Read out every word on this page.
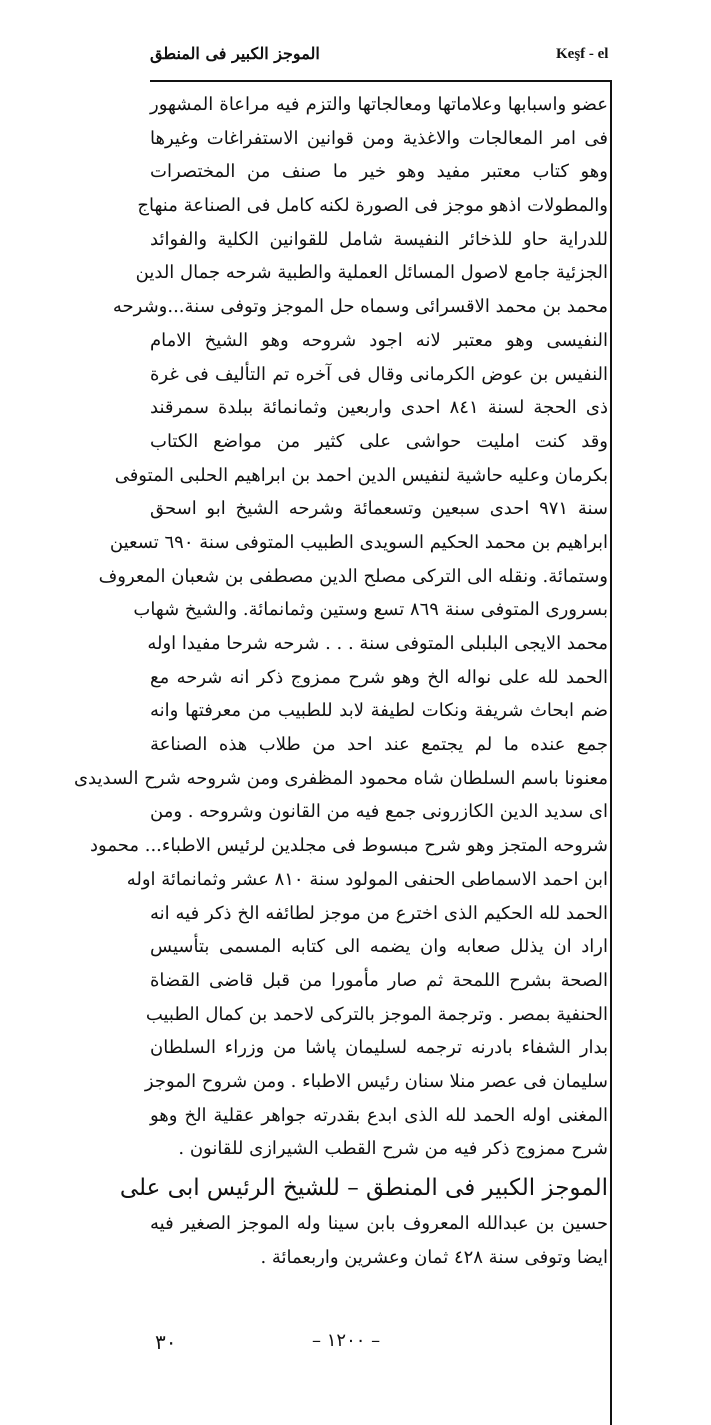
Keşf - el
الموجز الكبير فى المنطق
عضو واسبابها وعلاماتها ومعالجاتها والتزم فيه مراعاة المشهور
فى امر المعالجات والاغذية ومن قوانين الاستفراغات وغيرها
وهو كتاب معتبر مفيد وهو خير ما صنف من المختصرات
والمطولات اذهو موجز فى الصورة لكنه كامل فى الصناعة منهاج
للدراية حاو للذخائر النفيسة شامل للقوانين الكلية والفوائد
الجزئية جامع لاصول المسائل العملية والطبية شرحه جمال الدين
محمد بن محمد الاقسرائى وسماه حل الموجز وتوفى سنة...وشرحه
النفيسى وهو معتبر لانه اجود شروحه وهو الشيخ الامام
النفيس بن عوض الكرمانى وقال فى آخره تم التأليف فى غرة
ذى الحجة لسنة ٨٤١ احدى واربعين وثمانمائة ببلدة سمرقند
وقد كنت امليت حواشى على كثير من مواضع الكتاب
بكرمان وعليه حاشية لنفيس الدين احمد بن ابراهيم الحلبى المتوفى
سنة ٩٧١ احدى سبعين وتسعمائة وشرحه الشيخ ابو اسحق
ابراهيم بن محمد الحكيم السويدى الطبيب المتوفى سنة ٦٩٠ تسعين
وستمائة. ونقله الى التركى مصلح الدين مصطفى بن شعبان المعروف
بسرورى المتوفى سنة ٨٦٩ تسع وستين وثمانمائة. والشيخ شهاب
محمد الايجى البلبلى المتوفى سنة . . . شرحه شرحا مفيدا اوله
الحمد لله على نواله الخ وهو شرح ممزوج ذكر انه شرحه مع
ضم ابحاث شريفة ونكات لطيفة لابد للطبيب من معرفتها وانه
جمع عنده ما لم يجتمع عند احد من طلاب هذه الصناعة
معنونا باسم السلطان شاه محمود المظفرى ومن شروحه شرح السديدى
اى سديد الدين الكازرونى جمع فيه من القانون وشروحه . ومن
شروحه المتجز وهو شرح مبسوط فى مجلدين لرئيس الاطباء... محمود
ابن احمد الاسماطى الحنفى المولود سنة ٨١٠ عشر وثمانمائة اوله
الحمد لله الحكيم الذى اخترع من موجز لطائفه الخ ذكر فيه انه
اراد ان يذلل صعابه وان يضمه الى كتابه المسمى بتأسيس
الصحة بشرح اللمحة ثم صار مأمورا من قبل قاضى القضاة
الحنفية بمصر . وترجمة الموجز بالتركى لاحمد بن كمال الطبيب
بدار الشفاء بادرنه ترجمه لسليمان پاشا من وزراء السلطان
سليمان فى عصر منلا سنان رئيس الاطباء . ومن شروح الموجز
المغنى اوله الحمد لله الذى ابدع بقدرته جواهر عقلية الخ وهو
شرح ممزوج ذكر فيه من شرح القطب الشيرازى للقانون .
الموجز الكبير فى المنطق – للشيخ الرئيس ابى على
حسين بن عبدالله المعروف بابن سينا وله الموجز الصغير فيه
ايضا وتوفى سنة ٤٢٨ ثمان وعشرين واربعمائة .
٣٠	– ١٢٠٠ –
